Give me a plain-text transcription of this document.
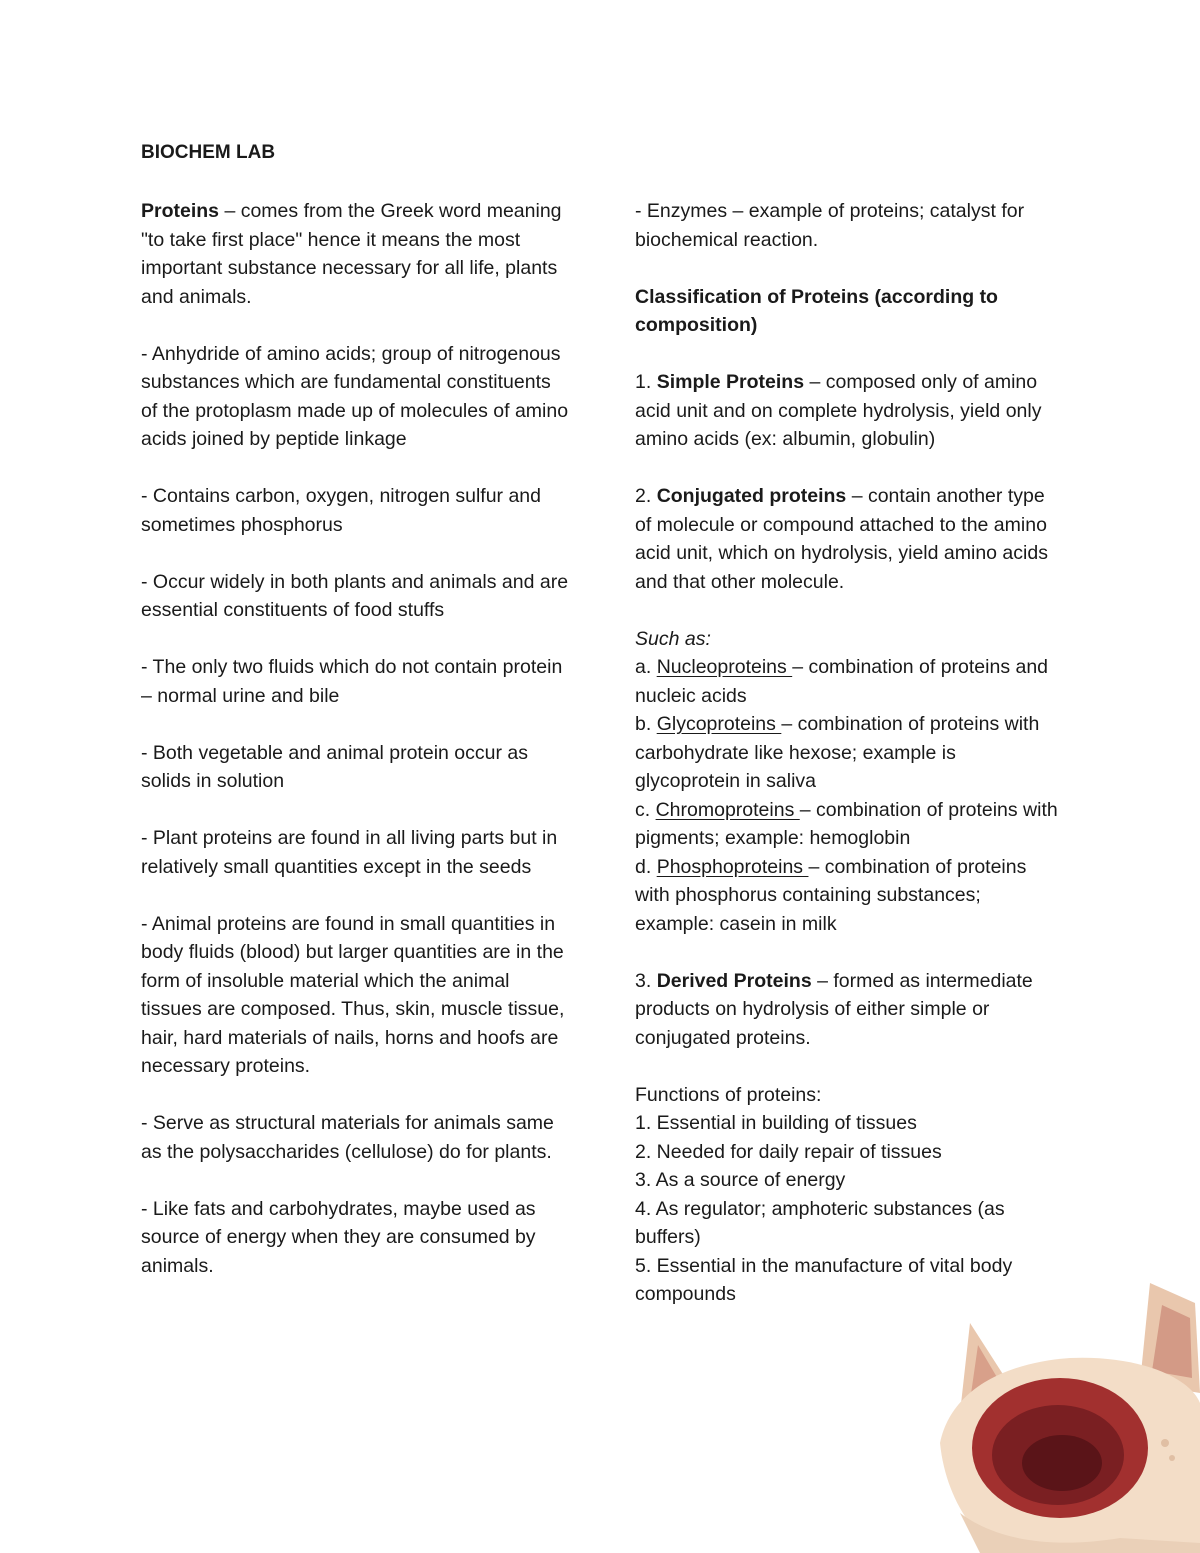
BIOCHEM LAB

Proteins – comes from the Greek word meaning "to take first place" hence it means the most important substance necessary for all life, plants and animals.

- Anhydride of amino acids; group of nitrogenous substances which are fundamental constituents of the protoplasm made up of molecules of amino acids joined by peptide linkage

- Contains carbon, oxygen, nitrogen sulfur and sometimes phosphorus

- Occur widely in both plants and animals and are essential constituents of food stuffs

- The only two fluids which do not contain protein – normal urine and bile

- Both vegetable and animal protein occur as solids in solution

- Plant proteins are found in all living parts but in relatively small quantities except in the seeds

- Animal proteins are found in small quantities in body fluids (blood) but larger quantities are in the form of insoluble material which the animal tissues are composed. Thus, skin, muscle tissue, hair, hard materials of nails, horns and hoofs are necessary proteins.

- Serve as structural materials for animals same as the polysaccharides (cellulose) do for plants.

- Like fats and carbohydrates, maybe used as source of energy when they are consumed by animals.

- Enzymes – example of proteins; catalyst for biochemical reaction.

Classification of Proteins (according to composition)

1. Simple Proteins – composed only of amino acid unit and on complete hydrolysis, yield only amino acids (ex: albumin, globulin)

2. Conjugated proteins – contain another type of molecule or compound attached to the amino acid unit, which on hydrolysis, yield amino acids and that other molecule.

Such as:

a. Nucleoproteins – combination of proteins and nucleic acids

b. Glycoproteins – combination of proteins with carbohydrate like hexose; example is glycoprotein in saliva

c. Chromoproteins – combination of proteins with pigments; example: hemoglobin

d. Phosphoproteins – combination of proteins with phosphorus containing substances; example: casein in milk

3. Derived Proteins – formed as intermediate products on hydrolysis of either simple or conjugated proteins.

Functions of proteins:

1. Essential in building of tissues

2. Needed for daily repair of tissues

3. As a source of energy

4. As regulator; amphoteric substances (as buffers)

5. Essential in the manufacture of vital body compounds
